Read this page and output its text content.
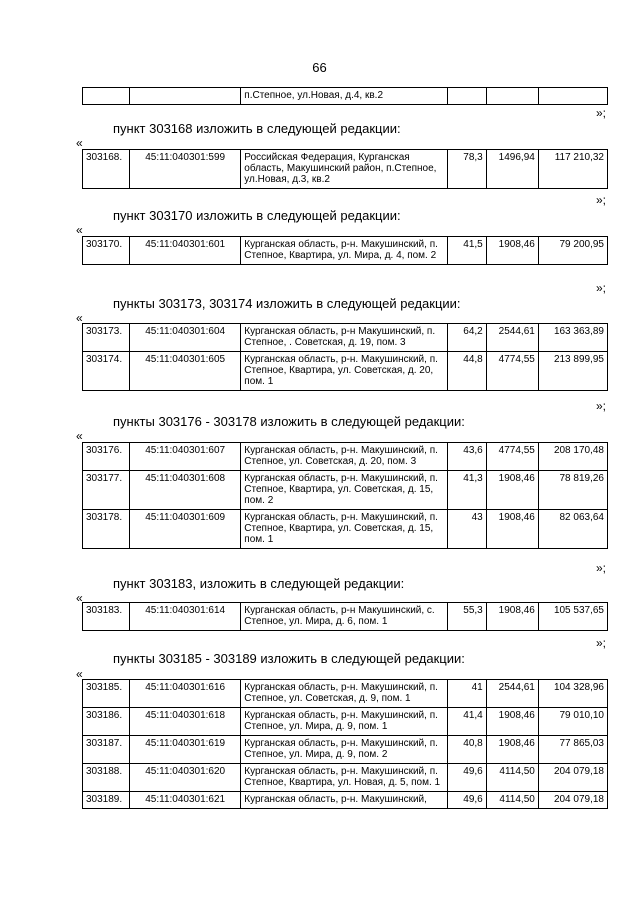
66
		п.Степное, ул.Новая, д.4, кв.2			
»;
пункт 303168 изложить в следующей редакции:
«
303168.	45:11:040301:599	Российская Федерация, Курганская область, Макушинский район, п.Степное, ул.Новая, д.3, кв.2	78,3	1496,94	117 210,32
»;
пункт 303170 изложить в следующей редакции:
«
303170.	45:11:040301:601	Курганская область, р-н. Макушинский, п. Степное, Квартира, ул. Мира, д. 4, пом. 2	41,5	1908,46	79 200,95
»;
пункты 303173, 303174 изложить в следующей редакции:
«
303173.	45:11:040301:604	Курганская область, р-н Макушинский, п. Степное, . Советская, д. 19, пом. 3	64,2	2544,61	163 363,89
303174.	45:11:040301:605	Курганская область, р-н. Макушинский, п. Степное, Квартира, ул. Советская, д. 20, пом. 1	44,8	4774,55	213 899,95
»;
пункты 303176 - 303178 изложить в следующей редакции:
«
303176.	45:11:040301:607	Курганская область, р-н. Макушинский, п. Степное, ул. Советская, д. 20, пом. 3	43,6	4774,55	208 170,48
303177.	45:11:040301:608	Курганская область, р-н. Макушинский, п. Степное, Квартира, ул. Советская, д. 15, пом. 2	41,3	1908,46	78 819,26
303178.	45:11:040301:609	Курганская область, р-н. Макушинский, п. Степное, Квартира, ул. Советская, д. 15, пом. 1	43	1908,46	82 063,64
»;
пункт 303183, изложить в следующей редакции:
«
303183.	45:11:040301:614	Курганская область, р-н Макушинский, с. Степное, ул. Мира, д. 6, пом. 1	55,3	1908,46	105 537,65
»;
пункты 303185 - 303189 изложить в следующей редакции:
«
303185.	45:11:040301:616	Курганская область, р-н. Макушинский, п. Степное, ул. Советская, д. 9, пом. 1	41	2544,61	104 328,96
303186.	45:11:040301:618	Курганская область, р-н. Макушинский, п. Степное, ул. Мира, д. 9, пом. 1	41,4	1908,46	79 010,10
303187.	45:11:040301:619	Курганская область, р-н. Макушинский, п. Степное, ул. Мира, д. 9, пом. 2	40,8	1908,46	77 865,03
303188.	45:11:040301:620	Курганская область, р-н. Макушинский, п. Степное, Квартира, ул. Новая, д. 5, пом. 1	49,6	4114,50	204 079,18
303189.	45:11:040301:621	Курганская область, р-н. Макушинский,	49,6	4114,50	204 079,18
